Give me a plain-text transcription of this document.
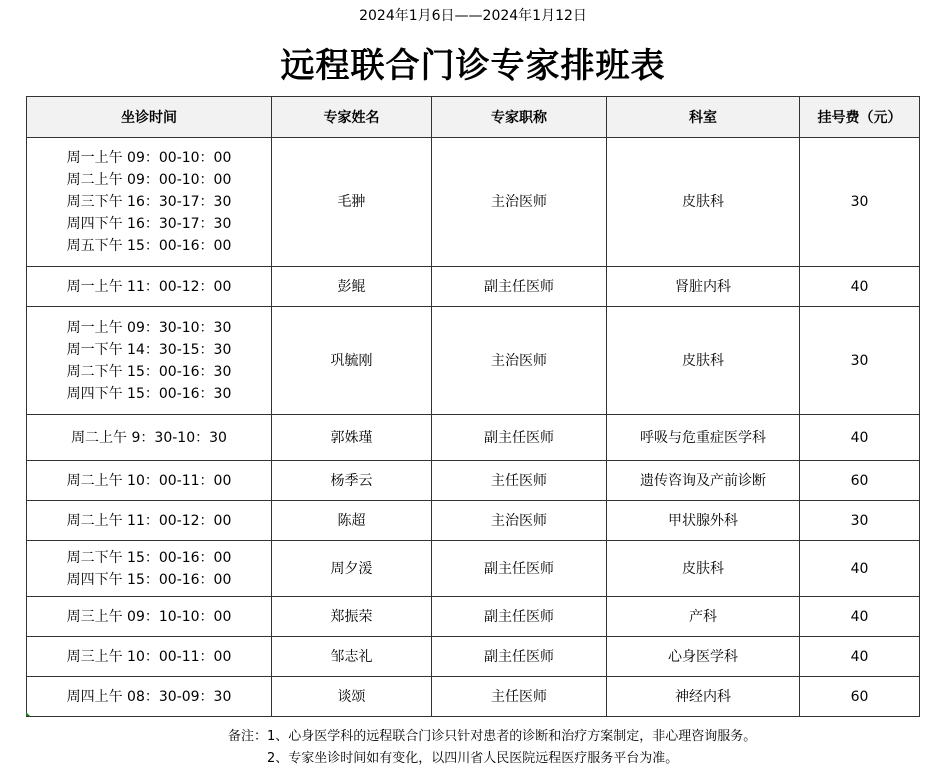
2024年1月6日——2024年1月12日
远程联合门诊专家排班表
坐诊时间	专家姓名	专家职称	科室	挂号费（元）

周一上午 09：00-10：00
周二上午 09：00-10：00
周三下午 16：30-17：30
周四下午 16：30-17：30
周五下午 15：00-16：00	毛翀	主治医师	皮肤科	30

周一上午 11：00-12：00	彭鲲	副主任医师	肾脏内科	40

周一上午 09：30-10：30
周一下午 14：30-15：30
周二下午 15：00-16：30
周四下午 15：00-16：30	巩毓刚	主治医师	皮肤科	30

周二上午 9：30-10：30	郭姝瑾	副主任医师	呼吸与危重症医学科	40

周二上午 10：00-11：00	杨季云	主任医师	遗传咨询及产前诊断	60

周二上午 11：00-12：00	陈超	主治医师	甲状腺外科	30

周二下午 15：00-16：00
周四下午 15：00-16：00	周夕湲	副主任医师	皮肤科	40

周三上午 09：10-10：00	郑振荣	副主任医师	产科	40

周三上午 10：00-11：00	邹志礼	副主任医师	心身医学科	40

周四上午 08：30-09：30	谈颂	主任医师	神经内科	60
备注：1、心身医学科的远程联合门诊只针对患者的诊断和治疗方案制定，非心理咨询服务。
2、专家坐诊时间如有变化，以四川省人民医院远程医疗服务平台为准。
